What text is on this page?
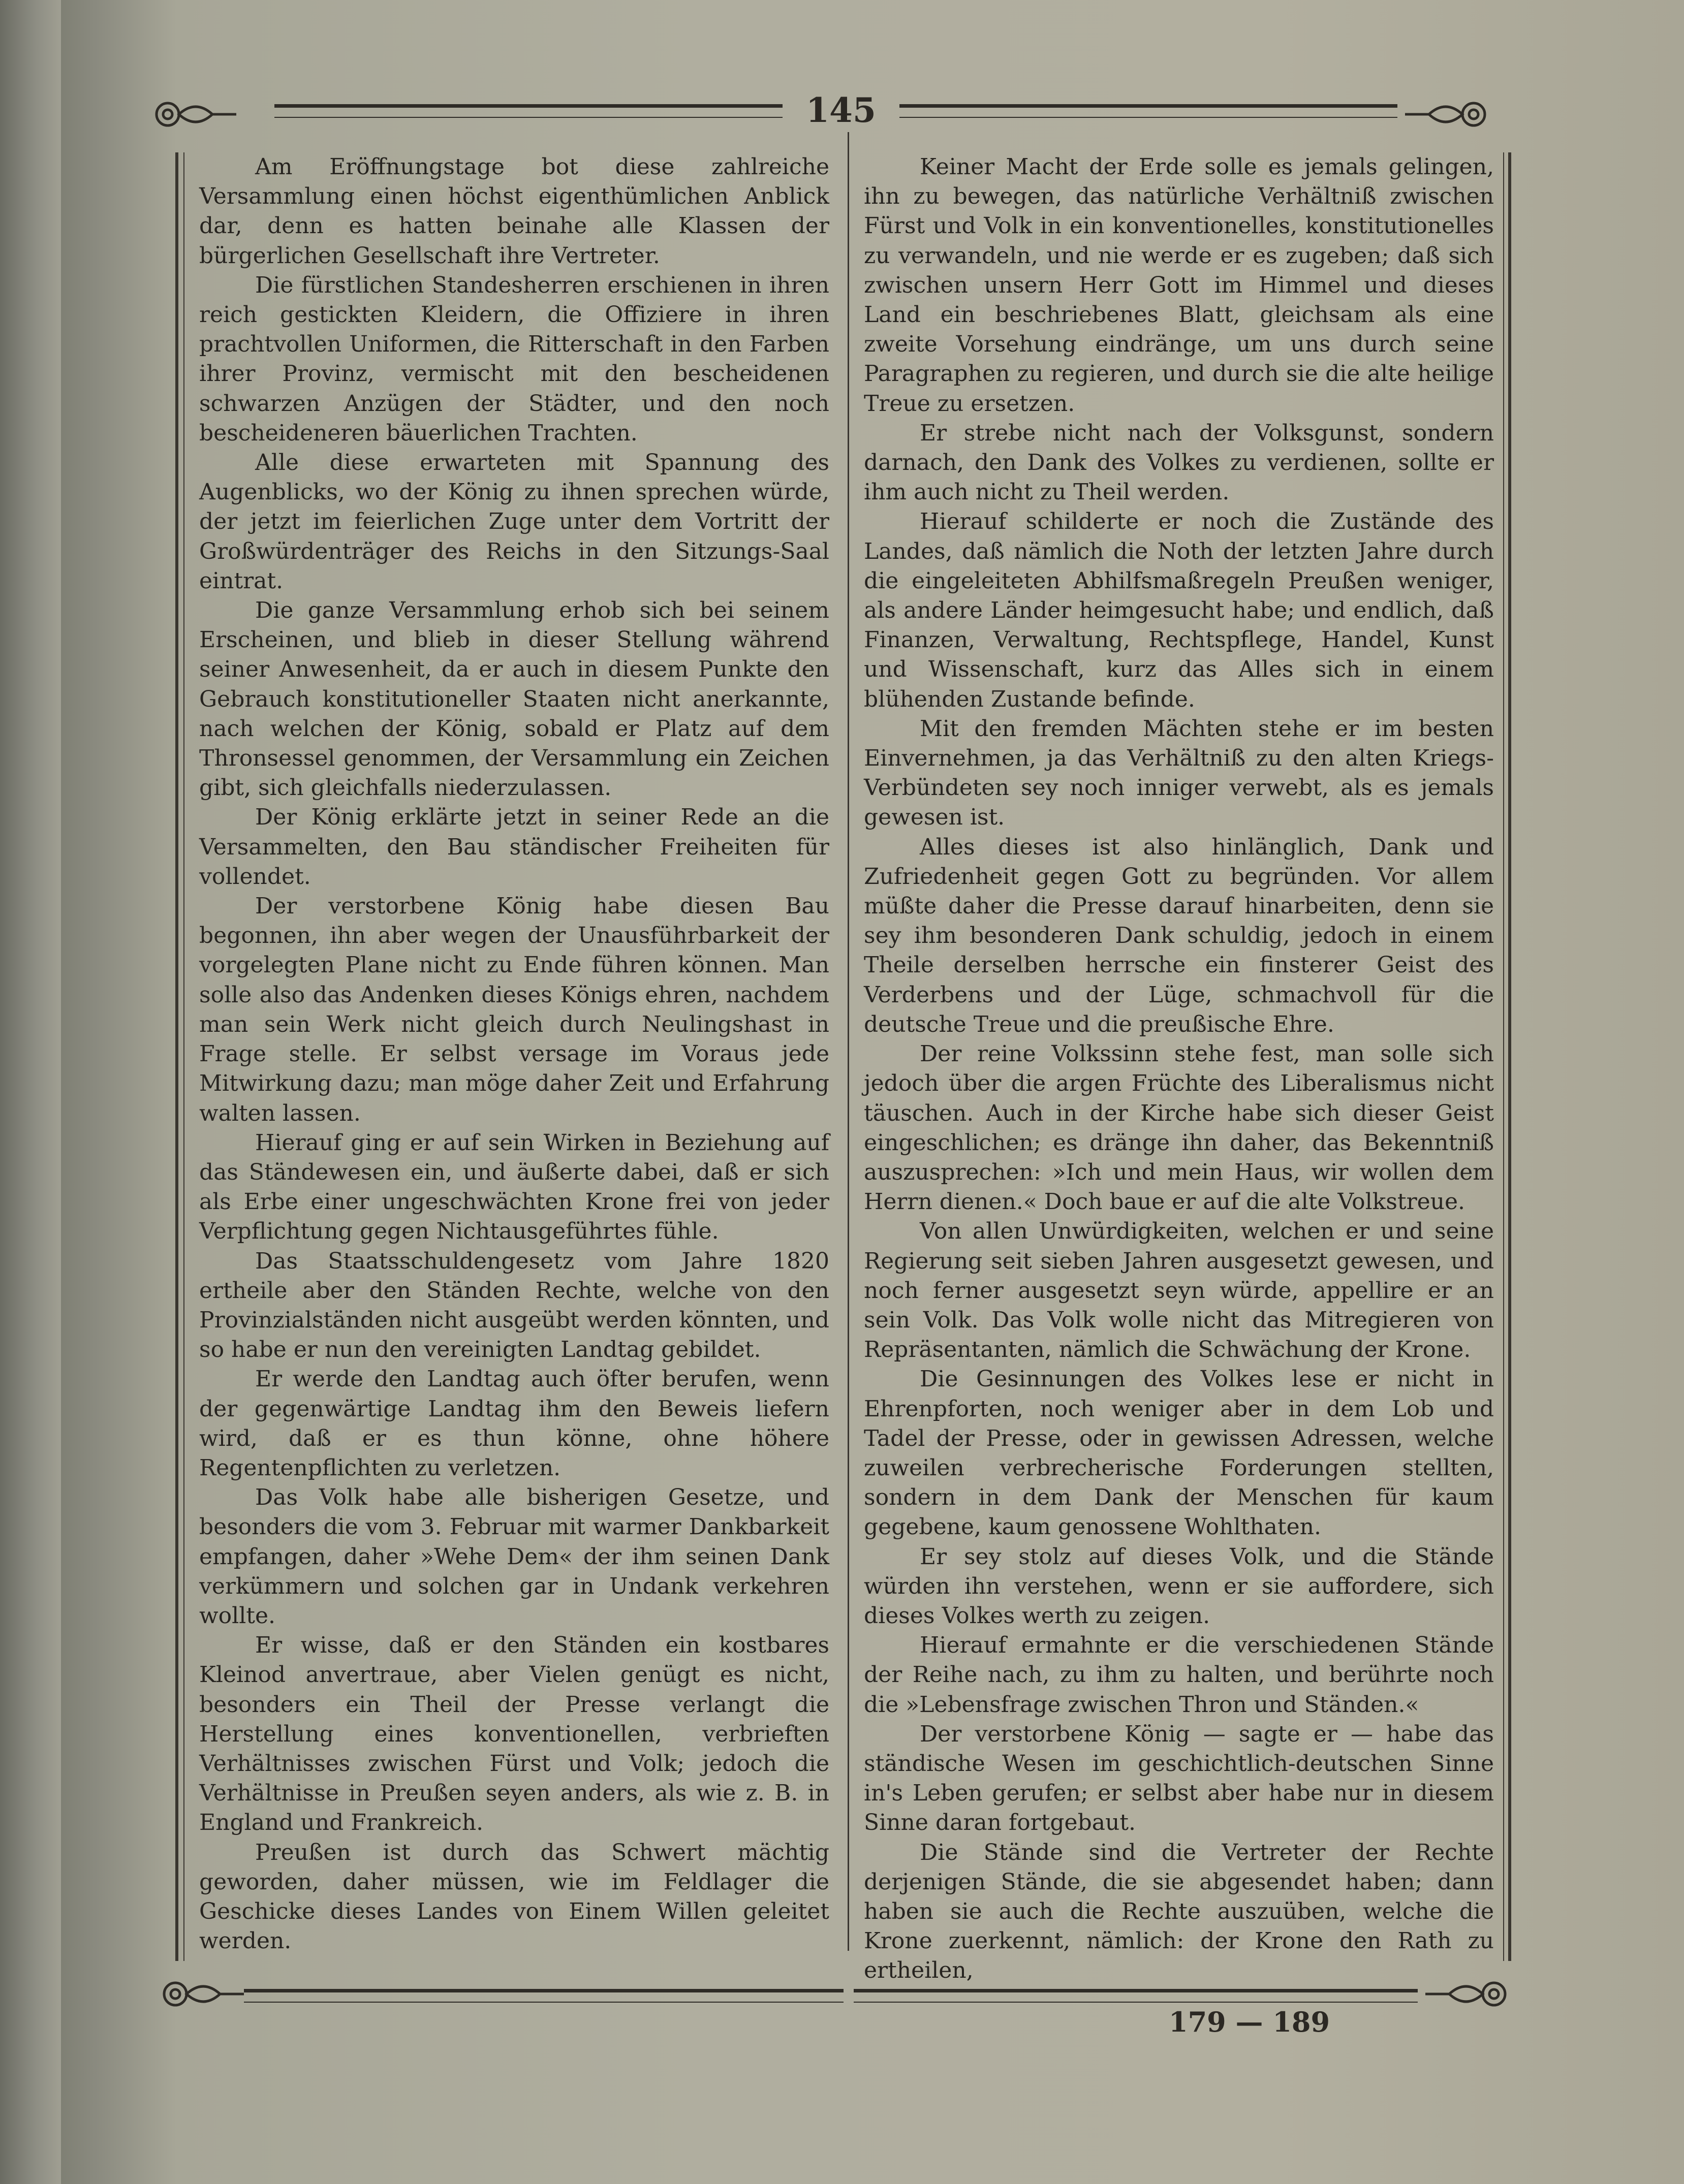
145

Am Eröffnungstage bot diese zahlreiche Versammlung einen höchst eigenthümlichen Anblick dar, denn es hatten beinahe alle Klassen der bürgerlichen Gesellschaft ihre Vertreter.

Die fürstlichen Standesherren erschienen in ihren reich gestickten Kleidern, die Offiziere in ihren prachtvollen Uniformen, die Ritterschaft in den Farben ihrer Provinz, vermischt mit den bescheidenen schwarzen Anzügen der Städter, und den noch bescheideneren bäuerlichen Trachten.

Alle diese erwarteten mit Spannung des Augenblicks, wo der König zu ihnen sprechen würde, der jetzt im feierlichen Zuge unter dem Vortritt der Großwürdenträger des Reichs in den Sitzungs-Saal eintrat.

Die ganze Versammlung erhob sich bei seinem Erscheinen, und blieb in dieser Stellung während seiner Anwesenheit, da er auch in diesem Punkte den Gebrauch konstitutioneller Staaten nicht anerkannte, nach welchen der König, sobald er Platz auf dem Thronsessel genommen, der Versammlung ein Zeichen gibt, sich gleichfalls niederzulassen.

Der König erklärte jetzt in seiner Rede an die Versammelten, den Bau ständischer Freiheiten für vollendet.

Der verstorbene König habe diesen Bau begonnen, ihn aber wegen der Unausführbarkeit der vorgelegten Plane nicht zu Ende führen können. Man solle also das Andenken dieses Königs ehren, nachdem man sein Werk nicht gleich durch Neulingshast in Frage stelle. Er selbst versage im Voraus jede Mitwirkung dazu; man möge daher Zeit und Erfahrung walten lassen.

Hierauf ging er auf sein Wirken in Beziehung auf das Ständewesen ein, und äußerte dabei, daß er sich als Erbe einer ungeschwächten Krone frei von jeder Verpflichtung gegen Nichtausgeführtes fühle.

Das Staatsschuldengesetz vom Jahre 1820 ertheile aber den Ständen Rechte, welche von den Provinzialständen nicht ausgeübt werden könnten, und so habe er nun den vereinigten Landtag gebildet.

Er werde den Landtag auch öfter berufen, wenn der gegenwärtige Landtag ihm den Beweis liefern wird, daß er es thun könne, ohne höhere Regentenpflichten zu verletzen.

Das Volk habe alle bisherigen Gesetze, und besonders die vom 3. Februar mit warmer Dankbarkeit empfangen, daher »Wehe Dem« der ihm seinen Dank verkümmern und solchen gar in Undank verkehren wollte.

Er wisse, daß er den Ständen ein kostbares Kleinod anvertraue, aber Vielen genügt es nicht, besonders ein Theil der Presse verlangt die Herstellung eines konventionellen, verbrieften Verhältnisses zwischen Fürst und Volk; jedoch die Verhältnisse in Preußen seyen anders, als wie z. B. in England und Frankreich.

Preußen ist durch das Schwert mächtig geworden, daher müssen, wie im Feldlager die Geschicke dieses Landes von Einem Willen geleitet werden.

Keiner Macht der Erde solle es jemals gelingen, ihn zu bewegen, das natürliche Verhältniß zwischen Fürst und Volk in ein konventionelles, konstitutionelles zu verwandeln, und nie werde er es zugeben; daß sich zwischen unsern Herr Gott im Himmel und dieses Land ein beschriebenes Blatt, gleichsam als eine zweite Vorsehung eindränge, um uns durch seine Paragraphen zu regieren, und durch sie die alte heilige Treue zu ersetzen.

Er strebe nicht nach der Volksgunst, sondern darnach, den Dank des Volkes zu verdienen, sollte er ihm auch nicht zu Theil werden.

Hierauf schilderte er noch die Zustände des Landes, daß nämlich die Noth der letzten Jahre durch die eingeleiteten Abhilfsmaßregeln Preußen weniger, als andere Länder heimgesucht habe; und endlich, daß Finanzen, Verwaltung, Rechtspflege, Handel, Kunst und Wissenschaft, kurz das Alles sich in einem blühenden Zustande befinde.

Mit den fremden Mächten stehe er im besten Einvernehmen, ja das Verhältniß zu den alten Kriegs-Verbündeten sey noch inniger verwebt, als es jemals gewesen ist.

Alles dieses ist also hinlänglich, Dank und Zufriedenheit gegen Gott zu begründen. Vor allem müßte daher die Presse darauf hinarbeiten, denn sie sey ihm besonderen Dank schuldig, jedoch in einem Theile derselben herrsche ein finsterer Geist des Verderbens und der Lüge, schmachvoll für die deutsche Treue und die preußische Ehre.

Der reine Volkssinn stehe fest, man solle sich jedoch über die argen Früchte des Liberalismus nicht täuschen. Auch in der Kirche habe sich dieser Geist eingeschlichen; es dränge ihn daher, das Bekenntniß auszusprechen: »Ich und mein Haus, wir wollen dem Herrn dienen.« Doch baue er auf die alte Volkstreue.

Von allen Unwürdigkeiten, welchen er und seine Regierung seit sieben Jahren ausgesetzt gewesen, und noch ferner ausgesetzt seyn würde, appellire er an sein Volk. Das Volk wolle nicht das Mitregieren von Repräsentanten, nämlich die Schwächung der Krone.

Die Gesinnungen des Volkes lese er nicht in Ehrenpforten, noch weniger aber in dem Lob und Tadel der Presse, oder in gewissen Adressen, welche zuweilen verbrecherische Forderungen stellten, sondern in dem Dank der Menschen für kaum gegebene, kaum genossene Wohlthaten.

Er sey stolz auf dieses Volk, und die Stände würden ihn verstehen, wenn er sie auffordere, sich dieses Volkes werth zu zeigen.

Hierauf ermahnte er die verschiedenen Stände der Reihe nach, zu ihm zu halten, und berührte noch die »Lebensfrage zwischen Thron und Ständen.«

Der verstorbene König — sagte er — habe das ständische Wesen im geschichtlich-deutschen Sinne in's Leben gerufen; er selbst aber habe nur in diesem Sinne daran fortgebaut.

Die Stände sind die Vertreter der Rechte derjenigen Stände, die sie abgesendet haben; dann haben sie auch die Rechte auszuüben, welche die Krone zuerkennt, nämlich: der Krone den Rath zu ertheilen,

179 — 189
